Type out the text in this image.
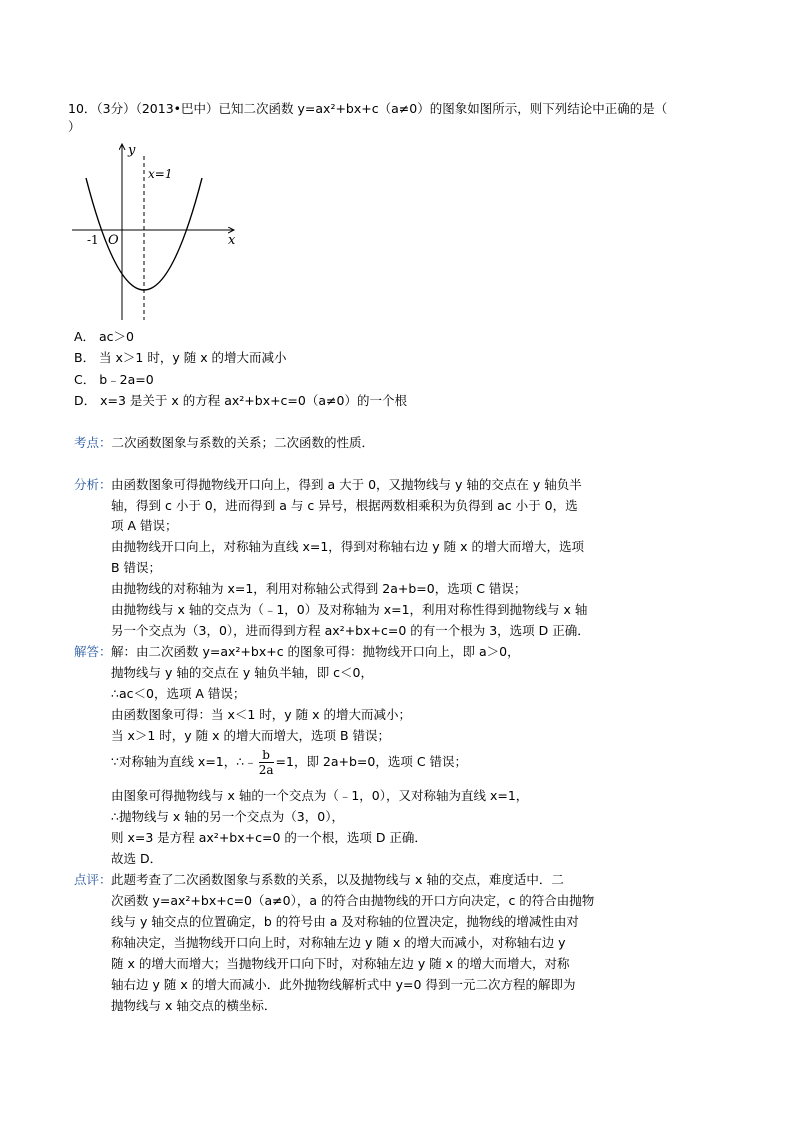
10．（3分）（2013•巴中）已知二次函数 y=ax²+bx+c（a≠0）的图象如图所示，则下列结论中正确的是（
）
y
x
O
-1
x=1
A． ac＞0
B． 当 x＞1 时，y 随 x 的增大而减小
C． b﹣2a=0
D． x=3 是关于 x 的方程 ax²+bx+c=0（a≠0）的一个根
考点：二次函数图象与系数的关系；二次函数的性质．
分析： 由函数图象可得抛物线开口向上，得到 a 大于 0，又抛物线与 y 轴的交点在 y 轴负半
轴，得到 c 小于 0，进而得到 a 与 c 异号，根据两数相乘积为负得到 ac 小于 0，选
项 A 错误；
由抛物线开口向上，对称轴为直线 x=1，得到对称轴右边 y 随 x 的增大而增大，选项
B 错误；
由抛物线的对称轴为 x=1，利用对称轴公式得到 2a+b=0，选项 C 错误；
由抛物线与 x 轴的交点为（﹣1，0）及对称轴为 x=1，利用对称性得到抛物线与 x 轴
另一个交点为（3，0），进而得到方程 ax²+bx+c=0 的有一个根为 3，选项 D 正确．
解答： 解：由二次函数 y=ax²+bx+c 的图象可得：抛物线开口向上，即 a＞0，
抛物线与 y 轴的交点在 y 轴负半轴，即 c＜0，
∴ac＜0，选项 A 错误；
由函数图象可得：当 x＜1 时，y 随 x 的增大而减小；
当 x＞1 时，y 随 x 的增大而增大，选项 B 错误；
∵对称轴为直线 x=1，∴﹣ $\frac{b}{2a} =1$，即 2a+b=0，选项 C 错误；
由图象可得抛物线与 x 轴的一个交点为（﹣1，0），又对称轴为直线 x=1，
∴抛物线与 x 轴的另一个交点为（3，0），
则 x=3 是方程 ax²+bx+c=0 的一个根，选项 D 正确．
故选 D．
点评： 此题考查了二次函数图象与系数的关系，以及抛物线与 x 轴的交点，难度适中．二
次函数 y=ax²+bx+c=0（a≠0），a 的符合由抛物线的开口方向决定，c 的符合由抛物
线与 y 轴交点的位置确定，b 的符号由 a 及对称轴的位置决定，抛物线的增减性由对
称轴决定，当抛物线开口向上时，对称轴左边 y 随 x 的增大而减小，对称轴右边 y
随 x 的增大而增大；当抛物线开口向下时，对称轴左边 y 随 x 的增大而增大，对称
轴右边 y 随 x 的增大而减小．此外抛物线解析式中 y=0 得到一元二次方程的解即为
抛物线与 x 轴交点的横坐标．
